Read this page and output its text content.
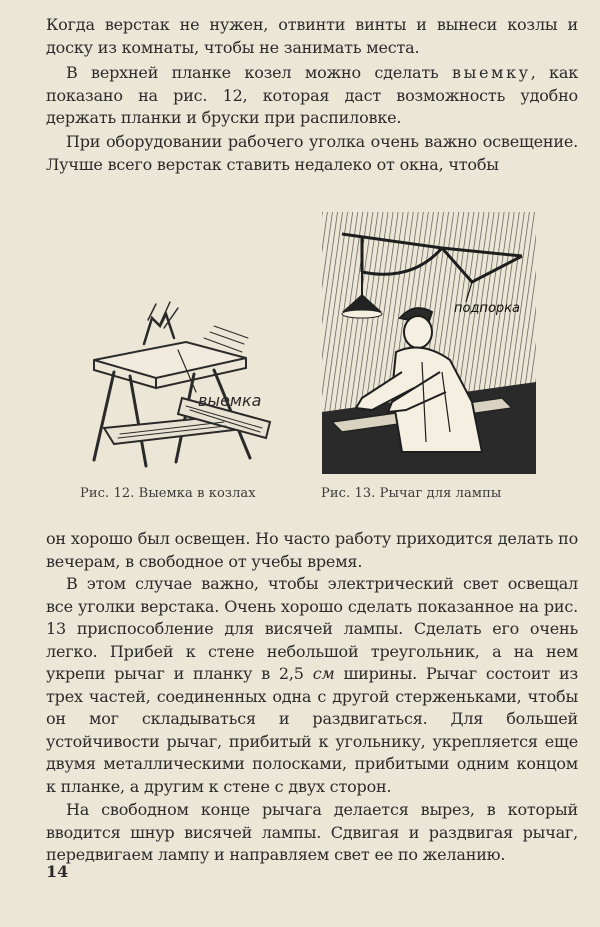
Когда верстак не нужен, отвинти винты и вынеси козлы и доску из комнаты, чтобы не занимать места.

В верхней планке козел можно сделать выемку, как показано на рис. 12, которая даст возможность удобно держать планки и бруски при распиловке.

При оборудовании рабочего уголка очень важно освещение. Лучше всего верстак ставить недалеко от окна, чтобы

выемка
подпорка
Рис. 12. Выемка в козлах	Рис. 13. Рычаг для лампы

он хорошо был освещен. Но часто работу приходится делать по вечерам, в свободное от учебы время.

В этом случае важно, чтобы электрический свет освещал все уголки верстака. Очень хорошо сделать показанное на рис. 13 приспособление для висячей лампы. Сделать его очень легко. Прибей к стене небольшой треугольник, а на нем укрепи рычаг и планку в 2,5 см ширины. Рычаг состоит из трех частей, соединенных одна с другой стерженьками, чтобы он мог складываться и раздвигаться. Для большей устойчивости рычаг, прибитый к угольнику, укрепляется еще двумя металлическими полосками, прибитыми одним концом к планке, а другим к стене с двух сторон.

На свободном конце рычага делается вырез, в который вводится шнур висячей лампы. Сдвигая и раздвигая рычаг, передвигаем лампу и направляем свет ее по желанию.

14
